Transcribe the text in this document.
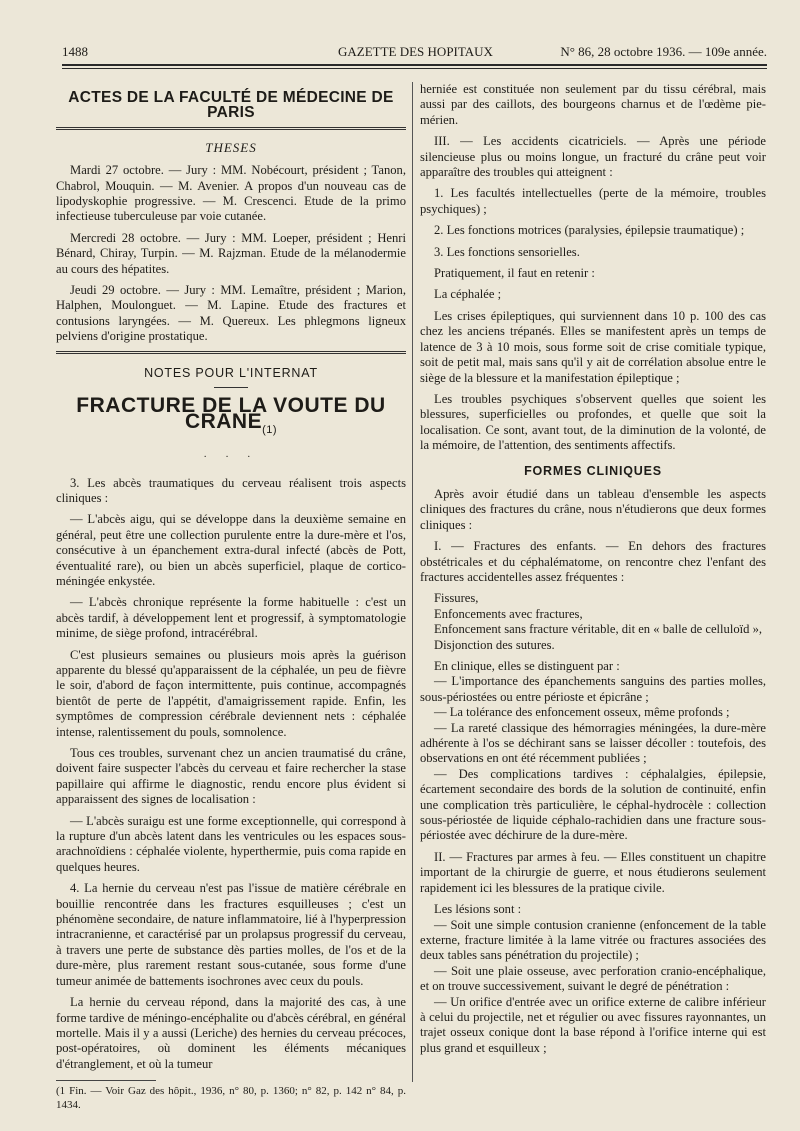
1488	GAZETTE DES HOPITAUX	N° 86, 28 octobre 1936. — 109e année.
ACTES DE LA FACULTÉ DE MÉDECINE DE PARIS
THESES

Mardi 27 octobre. — Jury : MM. Nobécourt, président ; Tanon, Chabrol, Mouquin. — M. Avenier. A propos d'un nouveau cas de lipodyskophie progressive. — M. Crescenci. Etude de la primo infectieuse tuberculeuse par voie cutanée.

Mercredi 28 octobre. — Jury : MM. Loeper, président ; Henri Bénard, Chiray, Turpin. — M. Rajzman. Etude de la mélanodermie au cours des hépatites.

Jeudi 29 octobre. — Jury : MM. Lemaître, président ; Marion, Halphen, Moulonguet. — M. Lapine. Etude des fractures et contusions laryngées. — M. Quereux. Les phlegmons ligneux pelviens d'origine prostatique.

NOTES POUR L'INTERNAT
FRACTURE DE LA VOUTE DU $CRANE_{(1)}$
· · ·

3. Les abcès traumatiques du cerveau réalisent trois aspects cliniques :

— L'abcès aigu, qui se développe dans la deuxième semaine en général, peut être une collection purulente entre la dure-mère et l'os, consécutive à un épanchement extra-dural infecté (abcès de Pott, éventualité rare), ou bien un abcès superficiel, plaque de cortico-méningée enkystée.

— L'abcès chronique représente la forme habituelle : c'est un abcès tardif, à développement lent et progressif, à symptomatologie minime, de siège profond, intracérébral.

C'est plusieurs semaines ou plusieurs mois après la guérison apparente du blessé qu'apparaissent de la céphalée, un peu de fièvre le soir, d'abord de façon intermittente, puis continue, accompagnés bientôt de perte de l'appétit, d'amaigrissement rapide. Enfin, les symptômes de compression cérébrale deviennent nets : céphalée intense, ralentissement du pouls, somnolence.

Tous ces troubles, survenant chez un ancien traumatisé du crâne, doivent faire suspecter l'abcès du cerveau et faire rechercher la stase papillaire qui affirme le diagnostic, rendu encore plus évident si apparaissent des signes de localisation :

— L'abcès suraigu est une forme exceptionnelle, qui correspond à la rupture d'un abcès latent dans les ventricules ou les espaces sous-arachnoïdiens : céphalée violente, hyperthermie, puis coma rapide en quelques heures.

4. La hernie du cerveau n'est pas l'issue de matière cérébrale en bouillie rencontrée dans les fractures esquilleuses ; c'est un phénomène secondaire, de nature inflammatoire, lié à l'hyperpression intracranienne, et caractérisé par un prolapsus progressif du cerveau, à travers une perte de substance dès parties molles, de l'os et de la dure-mère, plus rarement restant sous-cutanée, sous forme d'une tumeur animée de battements isochrones avec ceux du pouls.

La hernie du cerveau répond, dans la majorité des cas, à une forme tardive de méningo-encéphalite ou d'abcès cérébral, en général mortelle. Mais il y a aussi (Leriche) des hernies du cerveau précoces, post-opératoires, où dominent les éléments mécaniques d'étranglement, et où la tumeur

(1 Fin. — Voir Gaz des hôpit., 1936, n° 80, p. 1360; n° 82, p. 142 n° 84, p. 1434.

herniée est constituée non seulement par du tissu cérébral, mais aussi par des caillots, des bourgeons charnus et de l'œdème pie-mérien.

III. — Les accidents cicatriciels. — Après une période silencieuse plus ou moins longue, un fracturé du crâne peut voir apparaître des troubles qui atteignent :

1. Les facultés intellectuelles (perte de la mémoire, troubles psychiques) ;

2. Les fonctions motrices (paralysies, épilepsie traumatique) ;

3. Les fonctions sensorielles.

Pratiquement, il faut en retenir :

La céphalée ;

Les crises épileptiques, qui surviennent dans 10 p. 100 des cas chez les anciens trépanés. Elles se manifestent après un temps de latence de 3 à 10 mois, sous forme soit de crise comitiale typique, soit de petit mal, mais sans qu'il y ait de corrélation absolue entre le siège de la blessure et la manifestation épileptique ;

Les troubles psychiques s'observent quelles que soient les blessures, superficielles ou profondes, et quelle que soit la localisation. Ce sont, avant tout, de la diminution de la volonté, de la mémoire, de l'attention, des sentiments affectifs.

FORMES CLINIQUES

Après avoir étudié dans un tableau d'ensemble les aspects cliniques des fractures du crâne, nous n'étudierons que deux formes cliniques :

I. — Fractures des enfants. — En dehors des fractures obstétricales et du céphalématome, on rencontre chez l'enfant des fractures accidentelles assez fréquentes :

Fissures,

Enfoncements avec fractures,

Enfoncement sans fracture véritable, dit en « balle de celluloïd »,

Disjonction des sutures.

En clinique, elles se distinguent par :

— L'importance des épanchements sanguins des parties molles, sous-périostées ou entre périoste et épicrâne ;

— La tolérance des enfoncement osseux, même profonds ;

— La rareté classique des hémorragies méningées, la dure-mère adhérente à l'os se déchirant sans se laisser décoller : toutefois, des observations en ont été récemment publiées ;

— Des complications tardives : céphalalgies, épilepsie, écartement secondaire des bords de la solution de continuité, enfin une complication très particulière, le céphal-hydrocèle : collection sous-périostée de liquide céphalo-rachidien dans une fracture sous-périostée avec déchirure de la dure-mère.

II. — Fractures par armes à feu. — Elles constituent un chapitre important de la chirurgie de guerre, et nous étudierons seulement rapidement ici les blessures de la pratique civile.

Les lésions sont :

— Soit une simple contusion cranienne (enfoncement de la table externe, fracture limitée à la lame vitrée ou fractures associées des deux tables sans pénétration du projectile) ;

— Soit une plaie osseuse, avec perforation cranio-encéphalique, et on trouve successivement, suivant le degré de pénétration :

— Un orifice d'entrée avec un orifice externe de calibre inférieur à celui du projectile, net et régulier ou avec fissures rayonnantes, un trajet osseux conique dont la base répond à l'orifice interne qui est plus grand et esquilleux ;
